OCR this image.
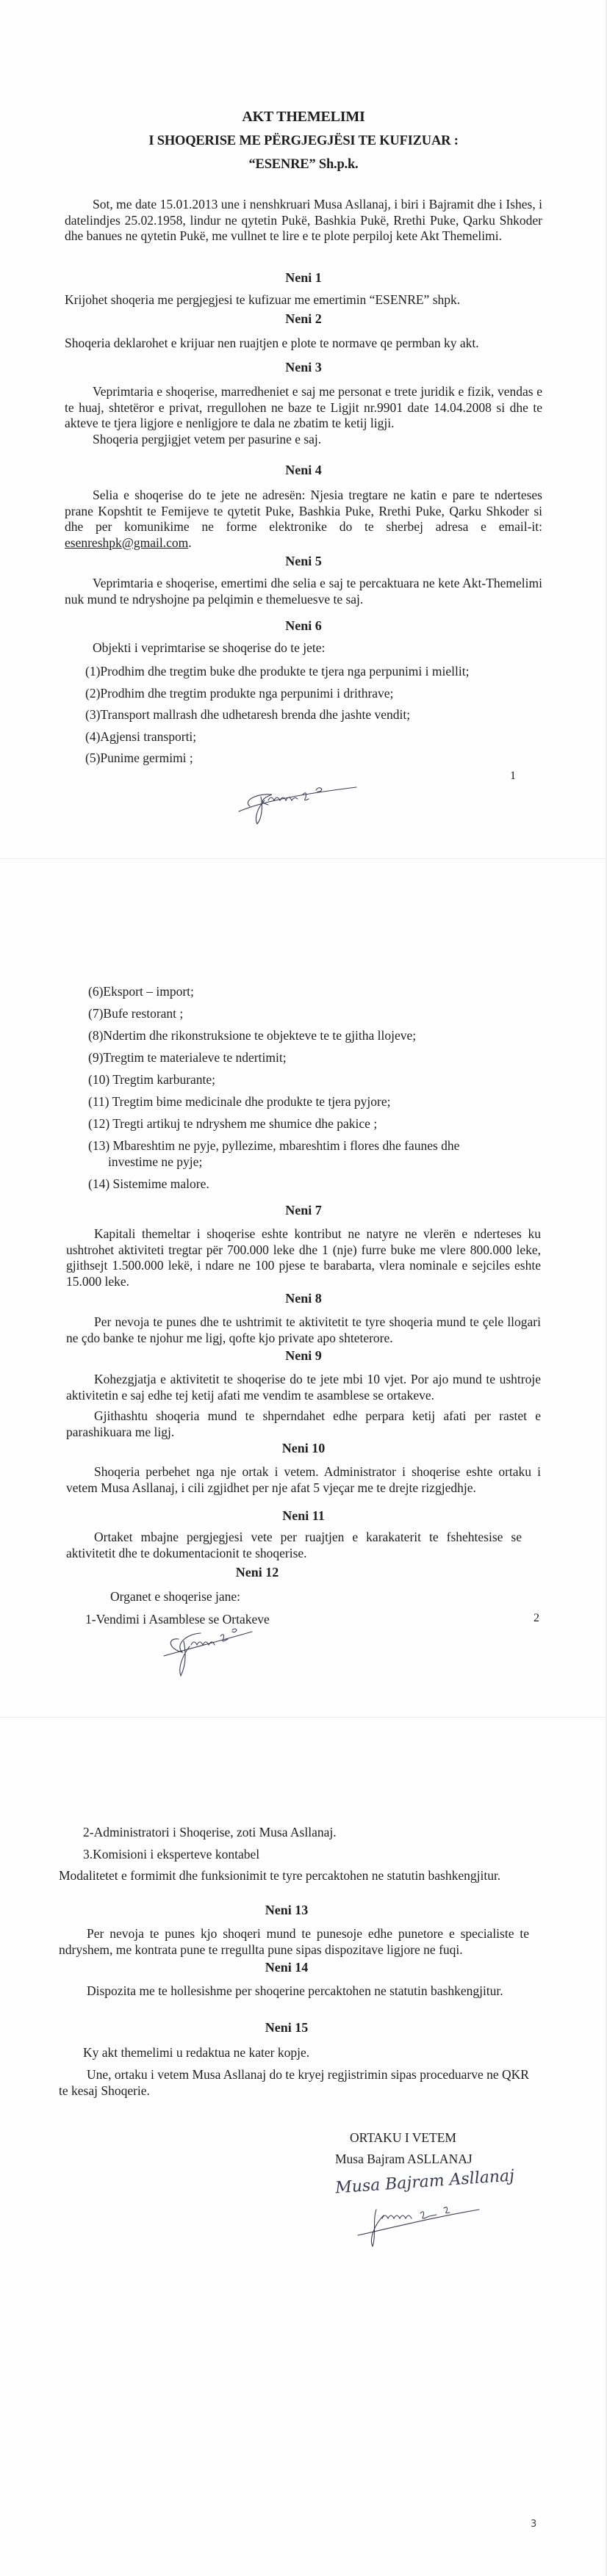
AKT THEMELIMI
I SHOQERISE ME PËRGJEGJËSI TE KUFIZUAR :
“ESENRE” Sh.p.k.
Sot, me date 15.01.2013 une i nenshkruari Musa Asllanaj, i biri i Bajramit dhe i Ishes, i datelindjes 25.02.1958, lindur ne qytetin Pukë, Bashkia Pukë, Rrethi Puke, Qarku Shkoder dhe banues ne qytetin Pukë, me vullnet te lire e te plote perpiloj kete Akt Themelimi.
Neni 1
Krijohet shoqeria me pergjegjesi te kufizuar me emertimin “ESENRE” shpk.
Neni 2
Shoqeria deklarohet e krijuar nen ruajtjen e plote te normave qe permban ky akt.
Neni 3
Veprimtaria e shoqerise, marredheniet e saj me personat e trete juridik e fizik, vendas e te huaj, shtetëror e privat, rregullohen ne baze te Ligjit nr.9901 date 14.04.2008 si dhe te akteve te tjera ligjore e nenligjore te dala ne zbatim te ketij ligji.
Shoqeria pergjigjet vetem per pasurine e saj.
Neni 4
Selia e shoqerise do te jete ne adresën: Njesia tregtare ne katin e pare te nderteses prane Kopshtit te Femijeve te qytetit Puke, Bashkia Puke, Rrethi Puke, Qarku Shkoder si dhe per komunikime ne forme elektronike do te sherbej adresa e email-it: esenreshpk@gmail.com.
Neni 5
Veprimtaria e shoqerise, emertimi dhe selia e saj te percaktuara ne kete Akt-Themelimi nuk mund te ndryshojne pa pelqimin e themeluesve te saj.
Neni 6
Objekti i veprimtarise se shoqerise do te jete:
(1)Prodhim dhe tregtim buke dhe produkte te tjera nga perpunimi i miellit;
(2)Prodhim dhe tregtim produkte nga perpunimi i drithrave;
(3)Transport mallrash dhe udhetaresh brenda dhe jashte vendit;
(4)Agjensi transporti;
(5)Punime germimi ;
1
(6)Eksport – import;
(7)Bufe restorant ;
(8)Ndertim dhe rikonstruksione te objekteve te te gjitha llojeve;
(9)Tregtim te materialeve te ndertimit;
(10) Tregtim karburante;
(11) Tregtim bime medicinale dhe produkte te tjera pyjore;
(12) Tregti artikuj te ndryshem me shumice dhe pakice ;
(13) Mbareshtim ne pyje, pyllezime, mbareshtim i flores dhe faunes dhe
investime ne pyje;
(14) Sistemime malore.
Neni 7
Kapitali themeltar i shoqerise eshte kontribut ne natyre ne vlerën e nderteses ku ushtrohet aktiviteti tregtar për 700.000 leke dhe 1 (nje) furre buke me vlere 800.000 leke, gjithsejt 1.500.000 lekë, i ndare ne 100 pjese te barabarta, vlera nominale e sejciles eshte 15.000 leke.
Neni 8
Per nevoja te punes dhe te ushtrimit te aktivitetit te tyre shoqeria mund te çele llogari ne çdo banke te njohur me ligj, qofte kjo private apo shteterore.
Neni 9
Kohezgjatja e aktivitetit te shoqerise do te jete mbi 10 vjet. Por ajo mund te ushtroje aktivitetin e saj edhe tej ketij afati me vendim te asamblese se ortakeve.
Gjithashtu shoqeria mund te shperndahet edhe perpara ketij afati per rastet e parashikuara me ligj.
Neni 10
Shoqeria perbehet nga nje ortak i vetem. Administrator i shoqerise eshte ortaku i vetem Musa Asllanaj, i cili zgjidhet per nje afat 5 vjeçar me te drejte rizgjedhje.
Neni 11
Ortaket mbajne pergjegjesi vete per ruajtjen e karakaterit te fshehtesise se aktivitetit dhe te dokumentacionit te shoqerise.
Neni 12
Organet e shoqerise jane:
1-Vendimi i Asamblese se Ortakeve	2
2-Administratori i Shoqerise, zoti Musa Asllanaj.
3.Komisioni i eksperteve kontabel
Modalitetet e formimit dhe funksionimit te tyre percaktohen ne statutin bashkengjitur.
Neni 13
Per nevoja te punes kjo shoqeri mund te punesoje edhe punetore e specialiste te ndryshem, me kontrata pune te rregullta pune sipas dispozitave ligjore ne fuqi.
Neni 14
Dispozita me te hollesishme per shoqerine percaktohen ne statutin bashkengjitur.
Neni 15
Ky akt themelimi u redaktua ne kater kopje.
Une, ortaku i vetem Musa Asllanaj do te kryej regjistrimin sipas proceduarve ne QKR te kesaj Shoqerie.
ORTAKU I VETEM
Musa Bajram ASLLANAJ
Musa Bajram Asllanaj
3
